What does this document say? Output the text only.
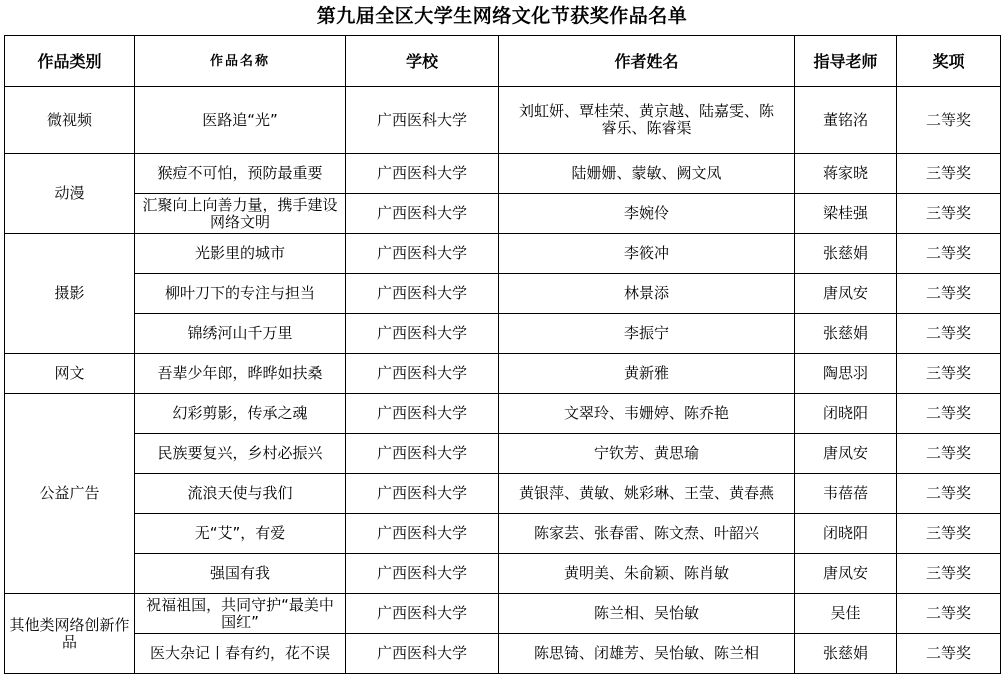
第九届全区大学生网络文化节获奖作品名单
作品类别	作品名称	学校	作者姓名	指导老师	奖项
微视频	医路追“光”	广西医科大学	刘虹妍、覃桂荣、黄京越、陆嘉雯、陈睿乐、陈睿渠	董铭洺	二等奖
动漫	猴痘不可怕，预防最重要	广西医科大学	陆姗姗、蒙敏、阙文凤	蒋家晓	三等奖
	汇聚向上向善力量，携手建设网络文明	广西医科大学	李婉伶	梁桂强	三等奖
摄影	光影里的城市	广西医科大学	李筱冲	张慈娟	二等奖
	柳叶刀下的专注与担当	广西医科大学	林景添	唐凤安	二等奖
	锦绣河山千万里	广西医科大学	李振宁	张慈娟	二等奖
网文	吾辈少年郎，晔晔如扶桑	广西医科大学	黄新雅	陶思羽	三等奖
公益广告	幻彩剪影，传承之魂	广西医科大学	文翠玲、韦姗婷、陈乔艳	闭晓阳	二等奖
	民族要复兴，乡村必振兴	广西医科大学	宁钦芳、黄思瑜	唐凤安	二等奖
	流浪天使与我们	广西医科大学	黄银萍、黄敏、姚彩琳、王莹、黄春燕	韦蓓蓓	二等奖
	无“艾”，有爱	广西医科大学	陈家芸、张春雷、陈文焘、叶韶兴	闭晓阳	三等奖
	强国有我	广西医科大学	黄明美、朱俞颖、陈肖敏	唐凤安	三等奖
其他类网络创新作品	祝福祖国，共同守护“最美中国红”	广西医科大学	陈兰相、吴怡敏	吴佳	二等奖
	医大杂记丨春有约，花不误	广西医科大学	陈思锜、闭雄芳、吴怡敏、陈兰相	张慈娟	二等奖
